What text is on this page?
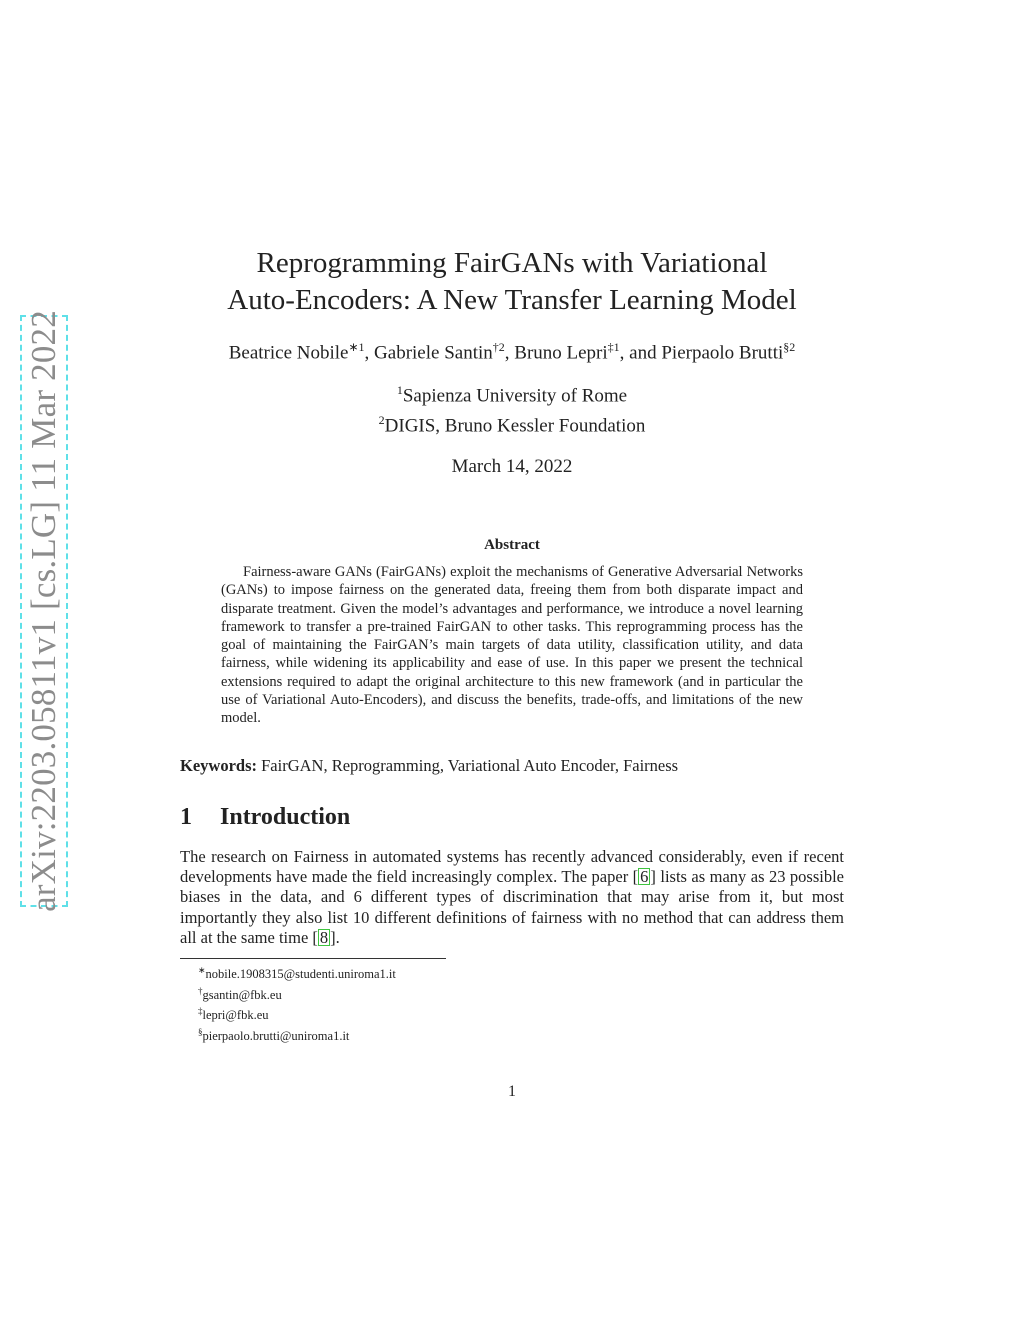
arXiv:2203.05811v1 [cs.LG] 11 Mar 2022
Reprogramming FairGANs with Variational
Auto-Encoders: A New Transfer Learning Model
Beatrice Nobile$^{∗1}$, Gabriele Santin$^{\dagger 2}$, Bruno Lepri$^{\ddagger 1}$, and Pierpaolo Brutti$^{\S 2}$
$^1$Sapienza University of Rome
$^2$DIGIS, Bruno Kessler Foundation
March 14, 2022
Abstract

Fairness-aware GANs (FairGANs) exploit the mechanisms of Generative Adversarial Networks (GANs) to impose fairness on the generated data, freeing them from both disparate impact and disparate treatment. Given the model’s advantages and performance, we introduce a novel learning framework to transfer a pre-trained FairGAN to other tasks. This reprogramming process has the goal of maintaining the FairGAN’s main targets of data utility, classification utility, and data fairness, while widening its applicability and ease of use. In this paper we present the technical extensions required to adapt the original architecture to this new framework (and in particular the use of Variational Auto-Encoders), and discuss the benefits, trade-offs, and limitations of the new model.

Keywords: FairGAN, Reprogramming, Variational Auto Encoder, Fairness
1 Introduction

The research on Fairness in automated systems has recently advanced considerably, even if recent developments have made the field increasingly complex. The paper [ 6 ] lists as many as 23 possible biases in the data, and 6 different types of discrimination that may arise from it, but most importantly they also list 10 different definitions of fairness with no method that can address them all at the same time [ 8 ].

∗nobile.1908315@studenti.uniroma1.it
†gsantin@fbk.eu
‡lepri@fbk.eu
§pierpaolo.brutti@uniroma1.it
1
